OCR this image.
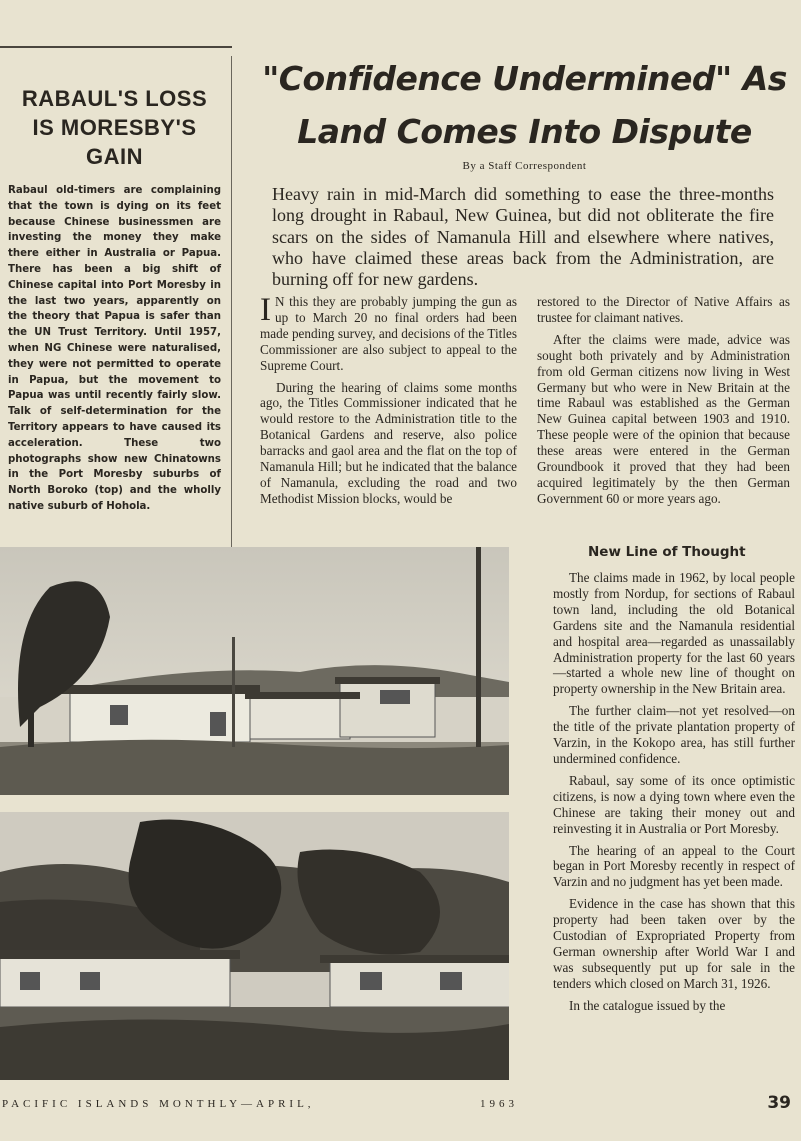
RABAUL'S LOSS IS MORESBY'S GAIN
Rabaul old-timers are complaining that the town is dying on its feet because Chinese businessmen are investing the money they make there either in Australia or Papua. There has been a big shift of Chinese capital into Port Moresby in the last two years, apparently on the theory that Papua is safer than the UN Trust Territory. Until 1957, when NG Chinese were naturalised, they were not permitted to operate in Papua, but the movement to Papua was until recently fairly slow. Talk of self-determination for the Territory appears to have caused its acceleration. These two photographs show new Chinatowns in the Port Moresby suburbs of North Boroko (top) and the wholly native suburb of Hohola.
"Confidence Undermined" As
Land Comes Into Dispute
By a Staff Correspondent
Heavy rain in mid-March did something to ease the three-months long drought in Rabaul, New Guinea, but did not obliterate the fire scars on the sides of Namanula Hill and elsewhere where natives, who have claimed these areas back from the Administration, are burning off for new gardens.

I N this they are probably jumping the gun as up to March 20 no final orders had been made pending survey, and decisions of the Titles Commissioner are also subject to appeal to the Supreme Court.

During the hearing of claims some months ago, the Titles Commissioner indicated that he would restore to the Administration title to the Botanical Gardens and reserve, also police barracks and gaol area and the flat on the top of Namanula Hill; but he indicated that the balance of Namanula, excluding the road and two Methodist Mission blocks, would be

restored to the Director of Native Affairs as trustee for claimant natives.

After the claims were made, advice was sought both privately and by Administration from old German citizens now living in West Germany but who were in New Britain at the time Rabaul was established as the German New Guinea capital between 1903 and 1910. These people were of the opinion that because these areas were entered in the German Groundbook it proved that they had been acquired legitimately by the then German Government 60 or more years ago.

New Line of Thought

The claims made in 1962, by local people mostly from Nordup, for sections of Rabaul town land, including the old Botanical Gardens site and the Namanula residential and hospital area—regarded as unassailably Administration property for the last 60 years—started a whole new line of thought on property ownership in the New Britain area.

The further claim—not yet resolved—on the title of the private plantation property of Varzin, in the Kokopo area, has still further undermined confidence.

Rabaul, say some of its once optimistic citizens, is now a dying town where even the Chinese are taking their money out and reinvesting it in Australia or Port Moresby.

The hearing of an appeal to the Court began in Port Moresby recently in respect of Varzin and no judgment has yet been made.

Evidence in the case has shown that this property had been taken over by the Custodian of Expropriated Property from German ownership after World War I and was subsequently put up for sale in the tenders which closed on March 31, 1926.

In the catalogue issued by the

PACIFIC ISLANDS MONTHLY—APRIL,	1963	39
